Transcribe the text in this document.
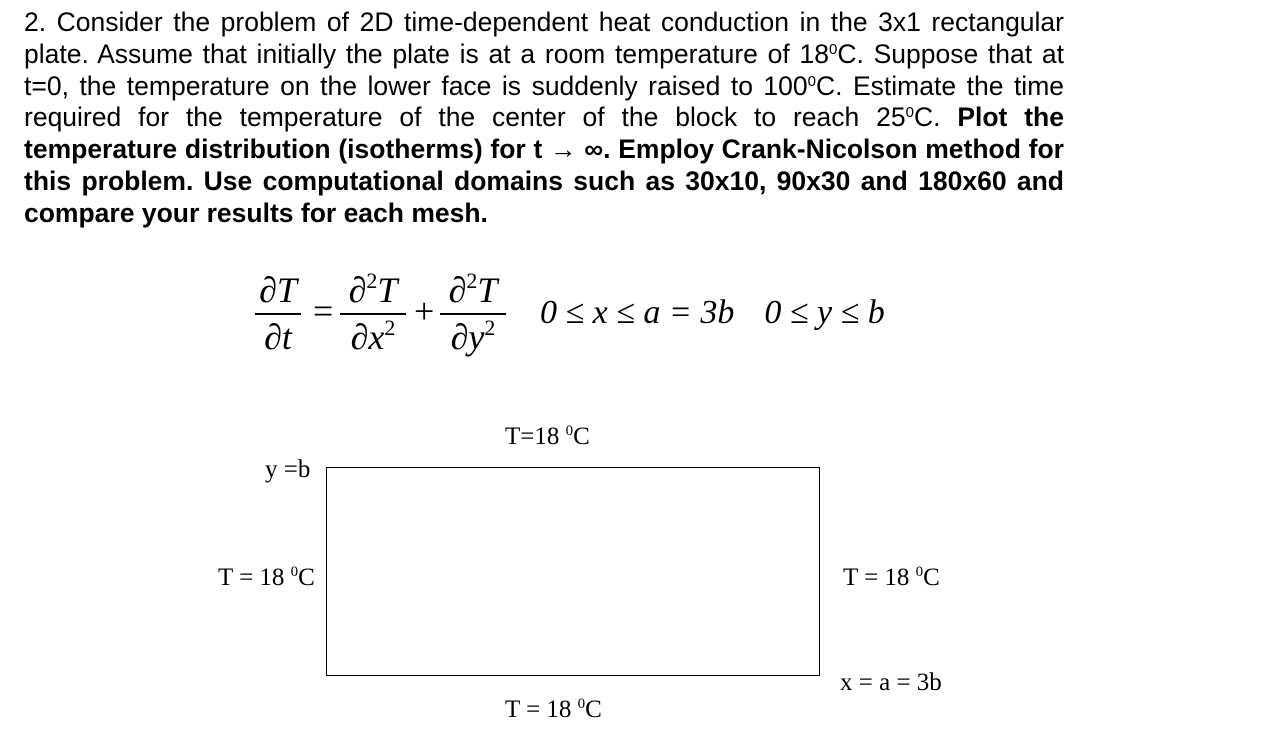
2. Consider the problem of 2D time-dependent heat conduction in the 3x1 rectangular plate. Assume that initially the plate is at a room temperature of $18^0C$. Suppose that at t=0, the temperature on the lower face is suddenly raised to $100^0C$. Estimate the time required for the temperature of the center of the block to reach $25^0C$. Plot the temperature distribution (isotherms) for t → ∞. Employ Crank-Nicolson method for this problem. Use computational domains such as 30x10, 90x30 and 180x60 and compare your results for each mesh.
∂T
∂t
=
∂$^2$T
$\partial x^2$ +
∂$^2$T
$\partial y^2$	0 ≤ x ≤ a = 3b 0 ≤ y ≤ b
T=18 $^0$C
y =b
T = 18 $^0$C	T = 18 $^0$C
x = a = 3b
T = 18 $^0$C
